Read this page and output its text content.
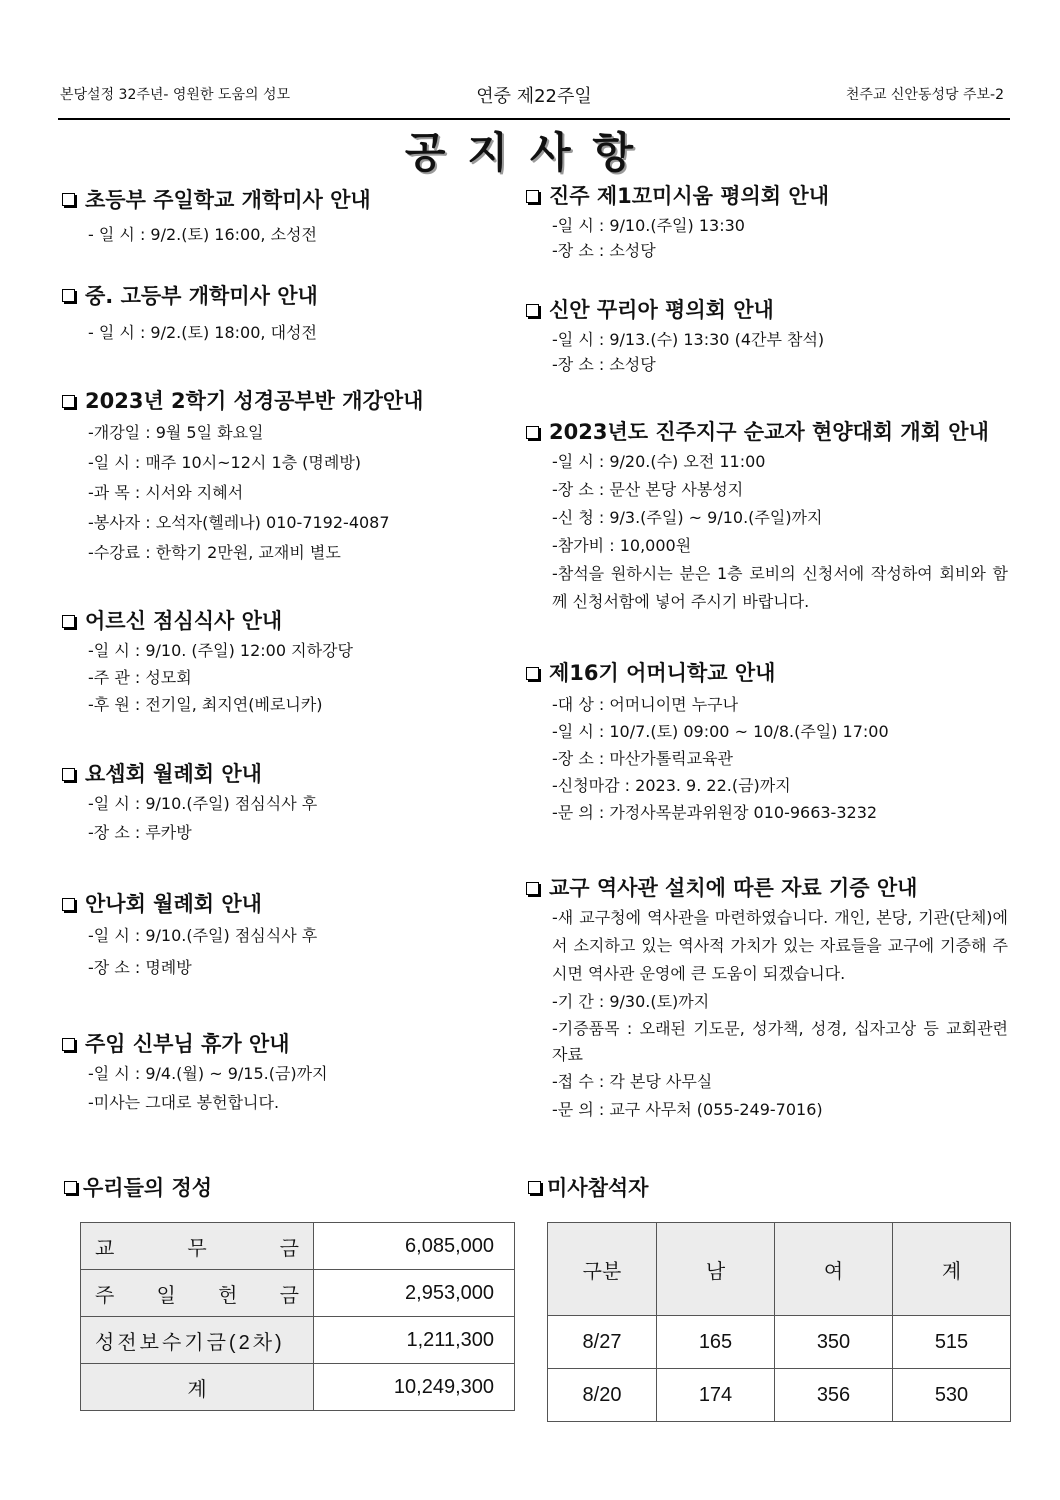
본당설정 32주년- 영원한 도움의 성모	연중 제22주일	천주교 신안동성당 주보-2
공지사항
초등부 주일학교 개학미사 안내
- 일 시 : 9/2.(토) 16:00, 소성전
중. 고등부 개학미사 안내
- 일 시 : 9/2.(토) 18:00, 대성전
2023년 2학기 성경공부반 개강안내
-개강일 : 9월 5일 화요일
-일 시 : 매주 10시~12시 1층 (명례방)
-과 목 : 시서와 지혜서
-봉사자 : 오석자(헬레나) 010-7192-4087
-수강료 : 한학기 2만원, 교재비 별도
어르신 점심식사 안내
-일 시 : 9/10. (주일) 12:00 지하강당
-주 관 : 성모회
-후 원 : 전기일, 최지연(베로니카)
요셉회 월례회 안내
-일 시 : 9/10.(주일) 점심식사 후
-장 소 : 루카방
안나회 월례회 안내
-일 시 : 9/10.(주일) 점심식사 후
-장 소 : 명례방
주임 신부님 휴가 안내
-일 시 : 9/4.(월) ~ 9/15.(금)까지
-미사는 그대로 봉헌합니다.
진주 제1꼬미시움 평의회 안내
-일 시 : 9/10.(주일) 13:30
-장 소 : 소성당
신안 꾸리아 평의회 안내
-일 시 : 9/13.(수) 13:30 (4간부 참석)
-장 소 : 소성당
2023년도 진주지구 순교자 현양대회 개회 안내
-일 시 : 9/20.(수) 오전 11:00
-장 소 : 문산 본당 사봉성지
-신 청 : 9/3.(주일) ~ 9/10.(주일)까지
-참가비 : 10,000원
-참석을 원하시는 분은 1층 로비의 신청서에 작성하여 회비와 함께 신청서함에 넣어 주시기 바랍니다.
제16기 어머니학교 안내
-대 상 : 어머니이면 누구나
-일 시 : 10/7.(토) 09:00 ~ 10/8.(주일) 17:00
-장 소 : 마산가톨릭교육관
-신청마감 : 2023. 9. 22.(금)까지
-문 의 : 가정사목분과위원장 010-9663-3232
교구 역사관 설치에 따른 자료 기증 안내
-새 교구청에 역사관을 마련하였습니다. 개인, 본당, 기관(단체)에서 소지하고 있는 역사적 가치가 있는 자료들을 교구에 기증해 주시면 역사관 운영에 큰 도움이 되겠습니다.
-기 간 : 9/30.(토)까지
-기증품목 : 오래된 기도문, 성가책, 성경, 십자고상 등 교회관련 자료
-접 수 : 각 본당 사무실
-문 의 : 교구 사무처 (055-249-7016)
우리들의 정성
교 무 금	6,085,000

주 일 헌 금	2,953,000

성전보수기금(2차)	1,211,300
계	10,249,300
미사참석자
구분	남	여	계
8/27	165	350	515
8/20	174	356	530
